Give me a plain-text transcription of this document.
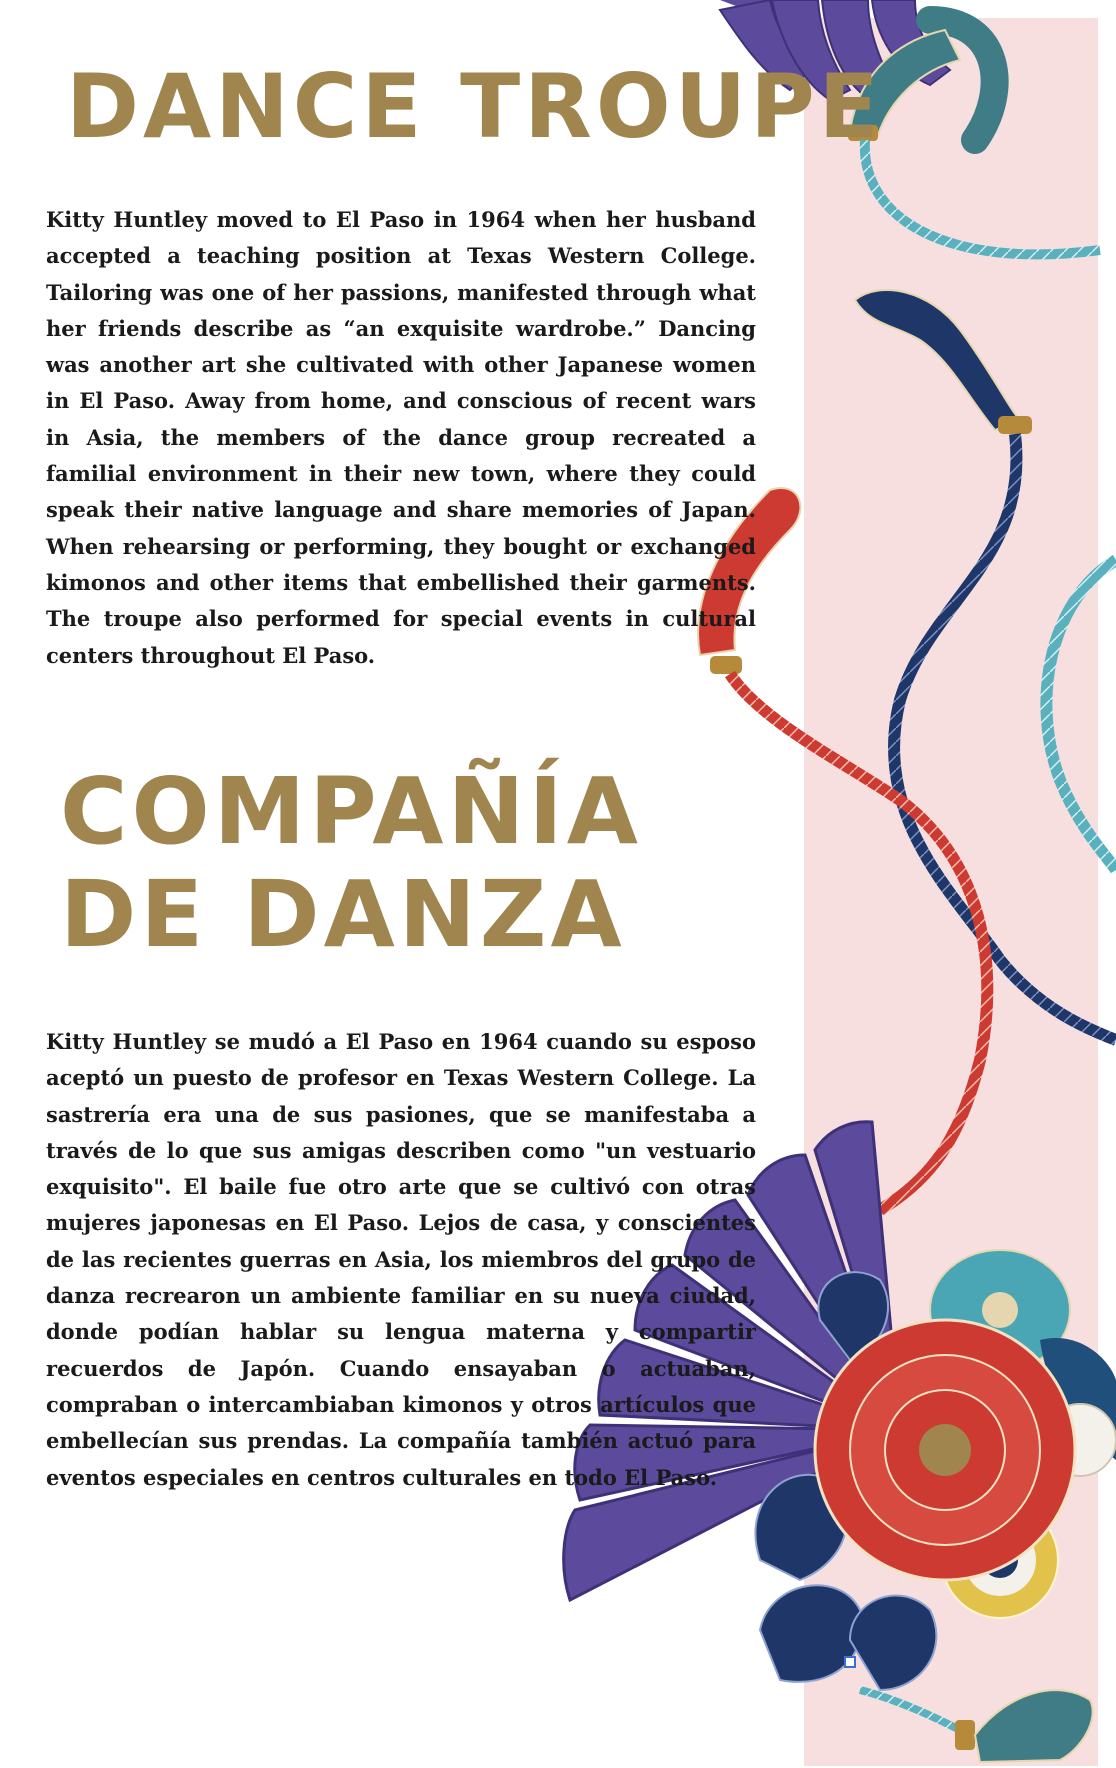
DANCE TROUPE

Kitty Huntley moved to El Paso in 1964 when her husband accepted a teaching position at Texas Western College. Tailoring was one of her passions, manifested through what her friends describe as “an exquisite wardrobe.” Dancing was another art she cultivated with other Japanese women in El Paso. Away from home, and conscious of recent wars in Asia, the members of the dance group recreated a familial environment in their new town, where they could speak their native language and share memories of Japan. When rehearsing or performing, they bought or exchanged kimonos and other items that embellished their garments. The troupe also performed for special events in cultural centers throughout El Paso.

COMPAÑÍA DE DANZA

Kitty Huntley se mudó a El Paso en 1964 cuando su esposo aceptó un puesto de profesor en Texas Western College. La sastrería era una de sus pasiones, que se manifestaba a través de lo que sus amigas describen como "un vestuario exquisito". El baile fue otro arte que se cultivó con otras mujeres japonesas en El Paso. Lejos de casa, y conscientes de las recientes guerras en Asia, los miembros del grupo de danza recrearon un ambiente familiar en su nueva ciudad, donde podían hablar su lengua materna y compartir recuerdos de Japón. Cuando ensayaban o actuaban, compraban o intercambiaban kimonos y otros artículos que embellecían sus prendas. La compañía también actuó para eventos especiales en centros culturales en todo El Paso.
